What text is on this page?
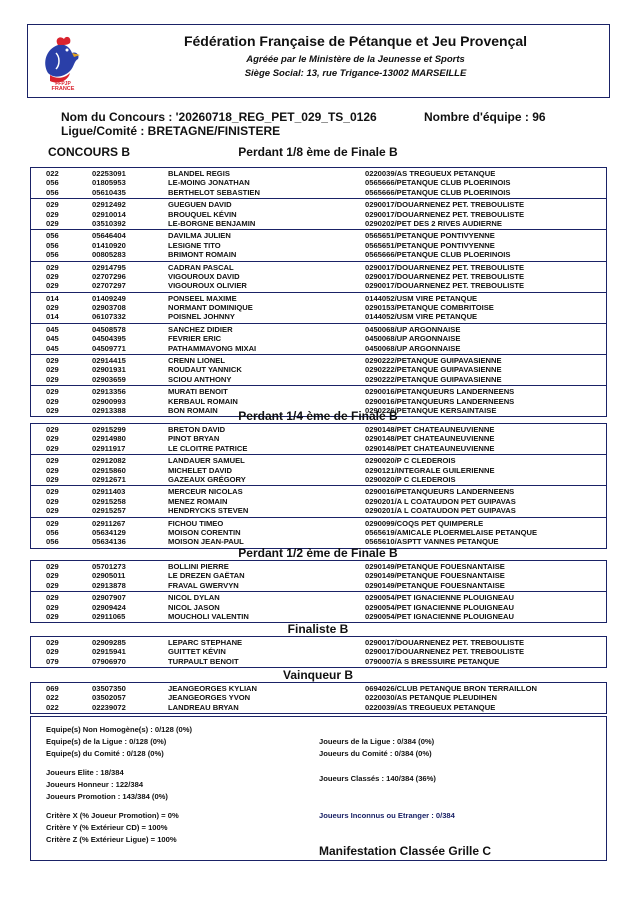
FFPJP
FRANCE
Fédération Française de Pétanque et Jeu Provençal
Agréée par le Ministère de la Jeunesse et Sports
Siège Social: 13, rue Trigance-13002 MARSEILLE
Nom du Concours : '20260718_REG_PET_029_TS_0126	Nombre d'équipe : 96
Ligue/Comité : BRETAGNE/FINISTERE
CONCOURS B	Perdant 1/8 ème de Finale B
022	02253091	BLANDEL REGIS	0220039/AS TREGUEUX PETANQUE
056	01805953	LE-MOING JONATHAN	0565666/PETANQUE CLUB PLOERINOIS
056	05610435	BERTHELOT SEBASTIEN	0565666/PETANQUE CLUB PLOERINOIS
029	02912492	GUEGUEN DAVID	0290017/DOUARNENEZ PET. TREBOULISTE
029	02910014	BROUQUEL KÉVIN	0290017/DOUARNENEZ PET. TREBOULISTE
029	03510392	LE-BORGNE BENJAMIN	0290202/PET DES 2 RIVES AUDIERNE
056	05646404	DAVILMA JULIEN	0565651/PETANQUE PONTIVYENNE
056	01410920	LESIGNE TITO	0565651/PETANQUE PONTIVYENNE
056	00805283	BRIMONT ROMAIN	0565666/PETANQUE CLUB PLOERINOIS
029	02914795	CADRAN PASCAL	0290017/DOUARNENEZ PET. TREBOULISTE
029	02707296	VIGOUROUX DAVID	0290017/DOUARNENEZ PET. TREBOULISTE
029	02707297	VIGOUROUX OLIVIER	0290017/DOUARNENEZ PET. TREBOULISTE
014	01409249	PONSEEL MAXIME	0144052/USM VIRE PETANQUE
029	02903708	NORMANT DOMINIQUE	0290153/PETANQUE COMBRITOISE
014	06107332	POISNEL JOHNNY	0144052/USM VIRE PETANQUE
045	04508578	SANCHEZ DIDIER	0450068/UP ARGONNAISE
045	04504395	FEVRIER ERIC	0450068/UP ARGONNAISE
045	04509771	PATHAMMAVONG MIXAI	0450068/UP ARGONNAISE
029	02914415	CRENN LIONEL	0290222/PETANQUE GUIPAVASIENNE
029	02901931	ROUDAUT YANNICK	0290222/PETANQUE GUIPAVASIENNE
029	02903659	SCIOU ANTHONY	0290222/PETANQUE GUIPAVASIENNE
029	02913356	MURATI BENOIT	0290016/PETANQUEURS LANDERNEENS
029	02900993	KERBAUL ROMAIN	0290016/PETANQUEURS LANDERNEENS
029	02913388	BON ROMAIN	0290226/PETANQUE KERSAINTAISE
Perdant 1/4 ème de Finale B
029	02915299	BRETON DAVID	0290148/PET CHATEAUNEUVIENNE
029	02914980	PINOT BRYAN	0290148/PET CHATEAUNEUVIENNE
029	02911917	LE CLOITRE PATRICE	0290148/PET CHATEAUNEUVIENNE
029	02912082	LANDAUER SAMUEL	0290020/P C CLEDEROIS
029	02915860	MICHELET DAVID	0290121/INTEGRALE GUILERIENNE
029	02912671	GAZEAUX GRÉGORY	0290020/P C CLEDEROIS
029	02911403	MERCEUR NICOLAS	0290016/PETANQUEURS LANDERNEENS
029	02915258	MENEZ ROMAIN	0290201/A L COATAUDON PET GUIPAVAS
029	02915257	HENDRYCKS STEVEN	0290201/A L COATAUDON PET GUIPAVAS
029	02911267	FICHOU TIMEO	0290099/COQS PET QUIMPERLE
056	05634129	MOISON CORENTIN	0565619/AMICALE PLOERMELAISE PETANQUE
056	05634136	MOISON JEAN-PAUL	0565610/ASPTT VANNES PETANQUE
Perdant 1/2 ème de Finale B
029	05701273	BOLLINI PIERRE	0290149/PETANQUE FOUESNANTAISE
029	02905011	LE DREZEN GAËTAN	0290149/PETANQUE FOUESNANTAISE
029	02913878	FRAVAL GWERVYN	0290149/PETANQUE FOUESNANTAISE
029	02907907	NICOL DYLAN	0290054/PET IGNACIENNE PLOUIGNEAU
029	02909424	NICOL JASON	0290054/PET IGNACIENNE PLOUIGNEAU
029	02911065	MOUCHOLI VALENTIN	0290054/PET IGNACIENNE PLOUIGNEAU
Finaliste B
029	02909285	LEPARC STEPHANE	0290017/DOUARNENEZ PET. TREBOULISTE
029	02915941	GUITTET KÉVIN	0290017/DOUARNENEZ PET. TREBOULISTE
079	07906970	TURPAULT BENOIT	0790007/A S BRESSUIRE PETANQUE
Vainqueur B
069	03507350	JEANGEORGES KYLIAN	0694026/CLUB PETANQUE BRON TERRAILLON
022	03502057	JEANGEORGES YVON	0220030/AS PETANQUE PLEUDIHEN
022	02239072	LANDREAU BRYAN	0220039/AS TREGUEUX PETANQUE
Equipe(s) Non Homogène(s) : 0/128 (0%)
Equipe(s) de la Ligue : 0/128 (0%)
Equipe(s) du Comité : 0/128 (0%)
Joueurs de la Ligue : 0/384 (0%)
Joueurs du Comité : 0/384 (0%)
Joueurs Elite : 18/384
Joueurs Honneur : 122/384
Joueurs Promotion : 143/384 (0%)
Joueurs Classés : 140/384 (36%)
Critère X (% Joueur Promotion) = 0%
Critère Y (% Extérieur CD) = 100%
Critère Z (% Extérieur Ligue) = 100%
Joueurs Inconnus ou Etranger : 0/384
Manifestation Classée Grille C
